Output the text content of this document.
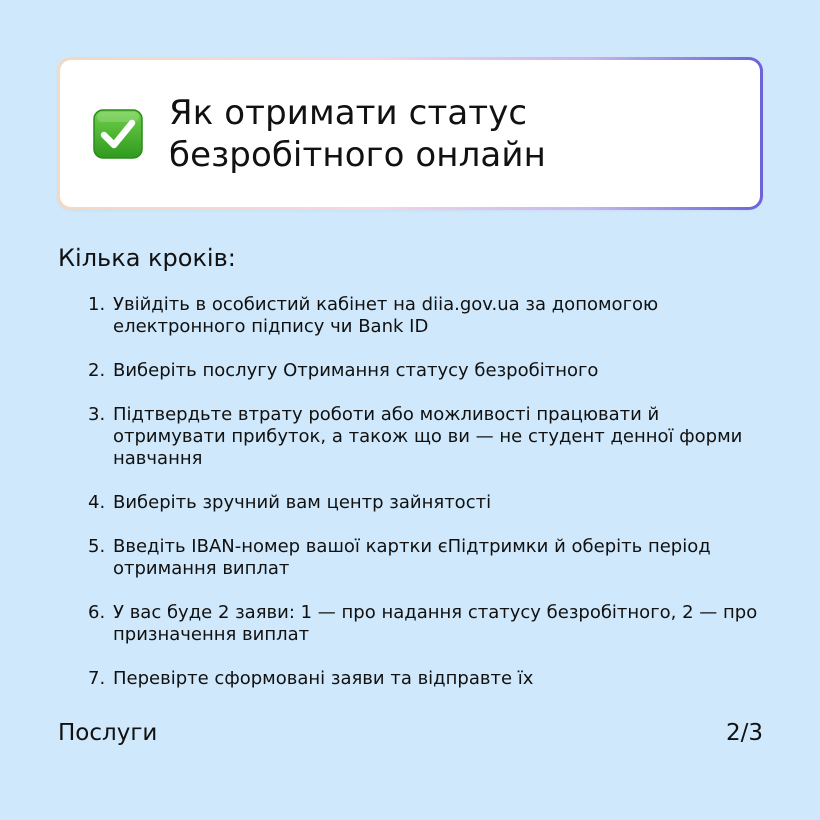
Як отримати статус
безробітного онлайн
Кілька кроків:
1. Увійдіть в особистий кабінет на diia.gov.ua за допомогою електронного підпису чи Bank ID
2. Виберіть послугу Отримання статусу безробітного
3. Підтвердьте втрату роботи або можливості працювати й отримувати прибуток, а також що ви — не студент денної форми навчання
4. Виберіть зручний вам центр зайнятості
5. Введіть IBAN-номер вашої картки єПідтримки й оберіть період отримання виплат
6. У вас буде 2 заяви: 1 — про надання статусу безробітного, 2 — про призначення виплат
7. Перевірте сформовані заяви та відправте їх
Послуги	2/3
